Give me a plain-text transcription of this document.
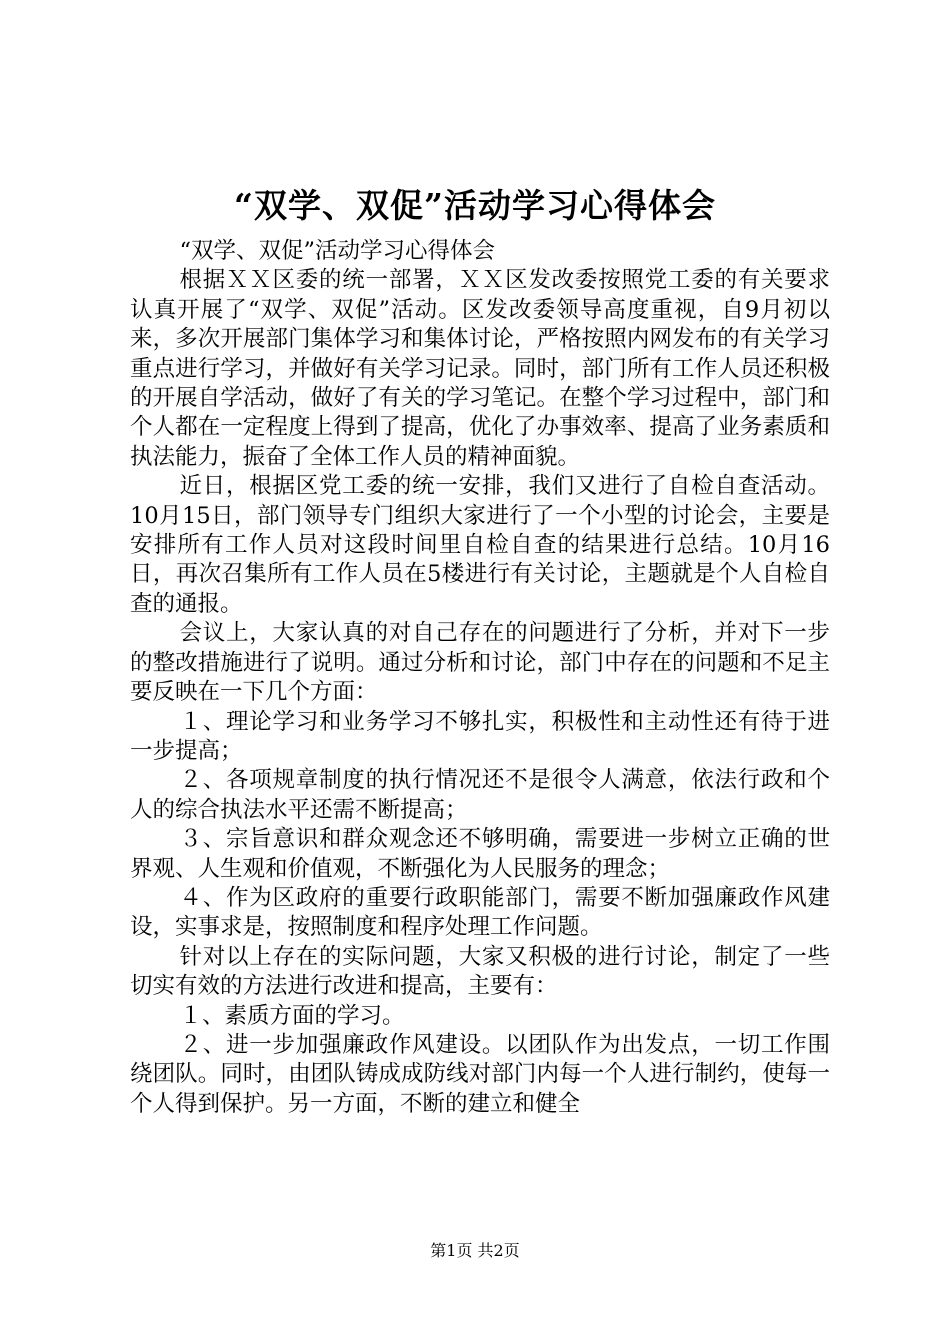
“双学、双促”活动学习心得体会

“双学、双促”活动学习心得体会

根据ＸＸ区委的统一部署，ＸＸ区发改委按照党工委的有关要求认真开展了“双学、双促”活动。区发改委领导高度重视，自9月初以来，多次开展部门集体学习和集体讨论，严格按照内网发布的有关学习重点进行学习，并做好有关学习记录。同时，部门所有工作人员还积极的开展自学活动，做好了有关的学习笔记。在整个学习过程中，部门和个人都在一定程度上得到了提高，优化了办事效率、提高了业务素质和执法能力，振奋了全体工作人员的精神面貌。

近日，根据区党工委的统一安排，我们又进行了自检自查活动。10月15日，部门领导专门组织大家进行了一个小型的讨论会，主要是安排所有工作人员对这段时间里自检自查的结果进行总结。10月16日，再次召集所有工作人员在5楼进行有关讨论，主题就是个人自检自查的通报。

会议上，大家认真的对自己存在的问题进行了分析，并对下一步的整改措施进行了说明。通过分析和讨论，部门中存在的问题和不足主要反映在一下几个方面：

１、理论学习和业务学习不够扎实，积极性和主动性还有待于进一步提高；

２、各项规章制度的执行情况还不是很令人满意，依法行政和个人的综合执法水平还需不断提高；

３、宗旨意识和群众观念还不够明确，需要进一步树立正确的世界观、人生观和价值观，不断强化为人民服务的理念；

４、作为区政府的重要行政职能部门，需要不断加强廉政作风建设，实事求是，按照制度和程序处理工作问题。

针对以上存在的实际问题，大家又积极的进行讨论，制定了一些切实有效的方法进行改进和提高，主要有：

１、素质方面的学习。

２、进一步加强廉政作风建设。以团队作为出发点，一切工作围绕团队。同时，由团队铸成成防线对部门内每一个人进行制约，使每一个人得到保护。另一方面，不断的建立和健全

第1页 共2页
